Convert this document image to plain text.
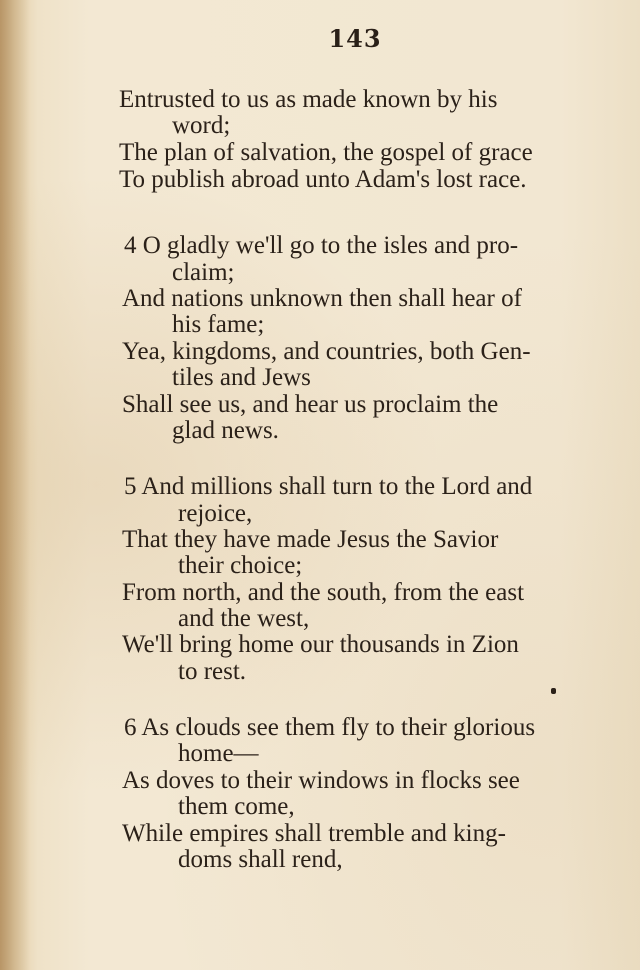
143
Entrusted to us as made known by his
word;
The plan of salvation, the gospel of grace
To publish abroad unto Adam's lost race.
4 O gladly we'll go to the isles and pro-
claim;
And nations unknown then shall hear of
his fame;
Yea, kingdoms, and countries, both Gen-
tiles and Jews
Shall see us, and hear us proclaim the
glad news.
5 And millions shall turn to the Lord and
rejoice,
That they have made Jesus the Savior
their choice;
From north, and the south, from the east
and the west,
We'll bring home our thousands in Zion
to rest.
6 As clouds see them fly to their glorious
home—
As doves to their windows in flocks see
them come,
While empires shall tremble and king-
doms shall rend,
